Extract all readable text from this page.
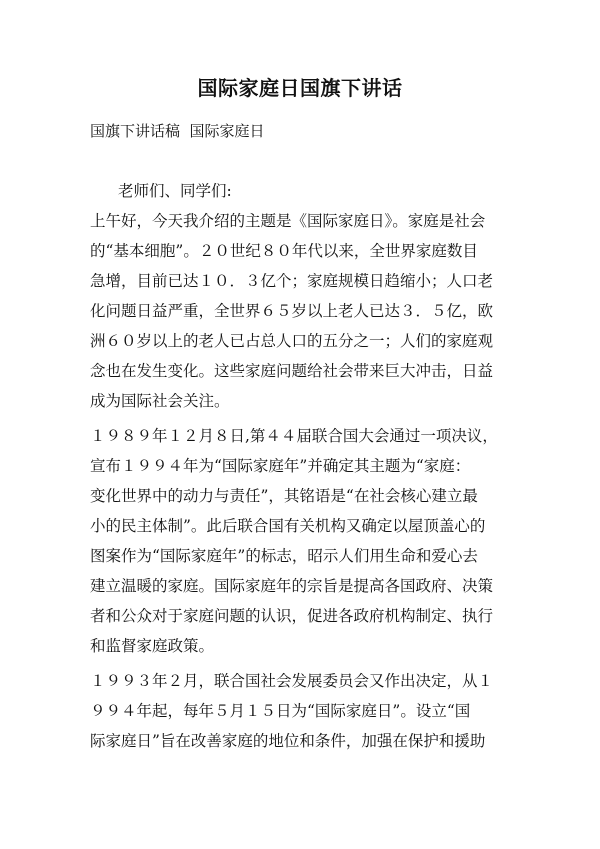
国际家庭日国旗下讲话
国旗下讲话稿  国际家庭日
老师们、同学们:
上午好，今天我介绍的主题是《国际家庭日》。家庭是社会
的“基本细胞”。２０世纪８０年代以来，全世界家庭数目
急增，目前已达１０．３亿个；家庭规模日趋缩小；人口老
化问题日益严重，全世界６５岁以上老人已达３．５亿，欧
洲６０岁以上的老人已占总人口的五分之一；人们的家庭观
念也在发生变化。这些家庭问题给社会带来巨大冲击，日益
成为国际社会关注。
１９８９年１２月８日,第４４届联合国大会通过一项决议，
宣布１９９４年为“国际家庭年”并确定其主题为“家庭：
变化世界中的动力与责任”，其铭语是“在社会核心建立最
小的民主体制”。此后联合国有关机构又确定以屋顶盖心的
图案作为“国际家庭年”的标志，昭示人们用生命和爱心去
建立温暖的家庭。国际家庭年的宗旨是提高各国政府、决策
者和公众对于家庭问题的认识，促进各政府机构制定、执行
和监督家庭政策。
１９９３年２月，联合国社会发展委员会又作出决定，从１
９９４年起，每年５月１５日为“国际家庭日”。设立“国
际家庭日”旨在改善家庭的地位和条件，加强在保护和援助
